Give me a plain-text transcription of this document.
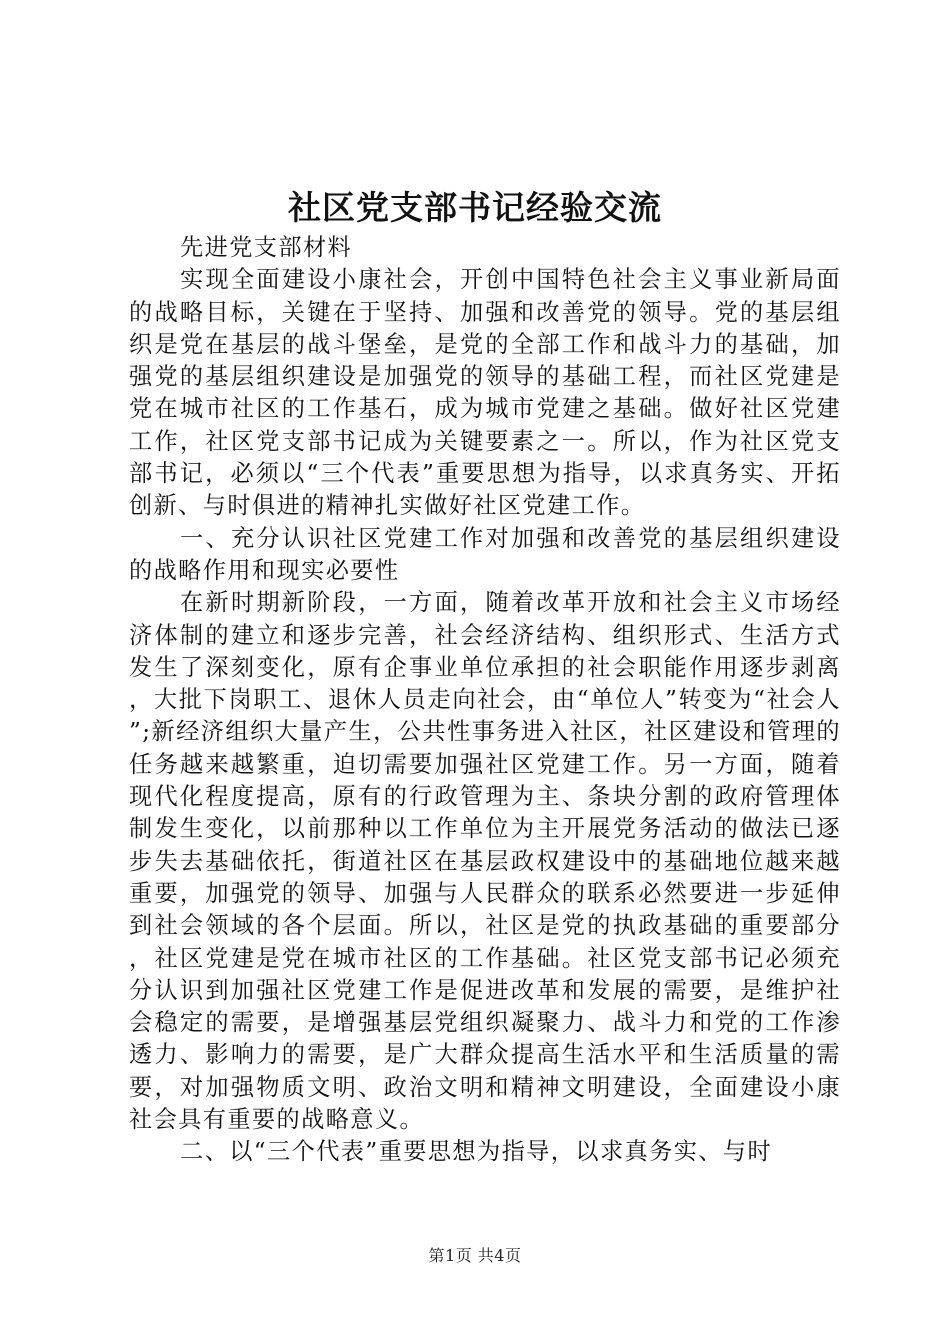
社区党支部书记经验交流

先进党支部材料

实现全面建设小康社会，开创中国特色社会主义事业新局面的战略目标，关键在于坚持、加强和改善党的领导。党的基层组织是党在基层的战斗堡垒，是党的全部工作和战斗力的基础，加强党的基层组织建设是加强党的领导的基础工程，而社区党建是党在城市社区的工作基石，成为城市党建之基础。做好社区党建工作，社区党支部书记成为关键要素之一。所以，作为社区党支部书记，必须以“三个代表”重要思想为指导，以求真务实、开拓创新、与时俱进的精神扎实做好社区党建工作。

一、充分认识社区党建工作对加强和改善党的基层组织建设的战略作用和现实必要性

在新时期新阶段，一方面，随着改革开放和社会主义市场经济体制的建立和逐步完善，社会经济结构、组织形式、生活方式发生了深刻变化，原有企事业单位承担的社会职能作用逐步剥离，大批下岗职工、退休人员走向社会，由“单位人”转变为“社会人”;新经济组织大量产生，公共性事务进入社区，社区建设和管理的任务越来越繁重，迫切需要加强社区党建工作。另一方面，随着现代化程度提高，原有的行政管理为主、条块分割的政府管理体制发生变化，以前那种以工作单位为主开展党务活动的做法已逐步失去基础依托，街道社区在基层政权建设中的基础地位越来越重要，加强党的领导、加强与人民群众的联系必然要进一步延伸到社会领域的各个层面。所以，社区是党的执政基础的重要部分，社区党建是党在城市社区的工作基础。社区党支部书记必须充分认识到加强社区党建工作是促进改革和发展的需要，是维护社会稳定的需要，是增强基层党组织凝聚力、战斗力和党的工作渗透力、影响力的需要，是广大群众提高生活水平和生活质量的需要，对加强物质文明、政治文明和精神文明建设，全面建设小康社会具有重要的战略意义。

二、以“三个代表”重要思想为指导，以求真务实、与时

第1页 共4页
